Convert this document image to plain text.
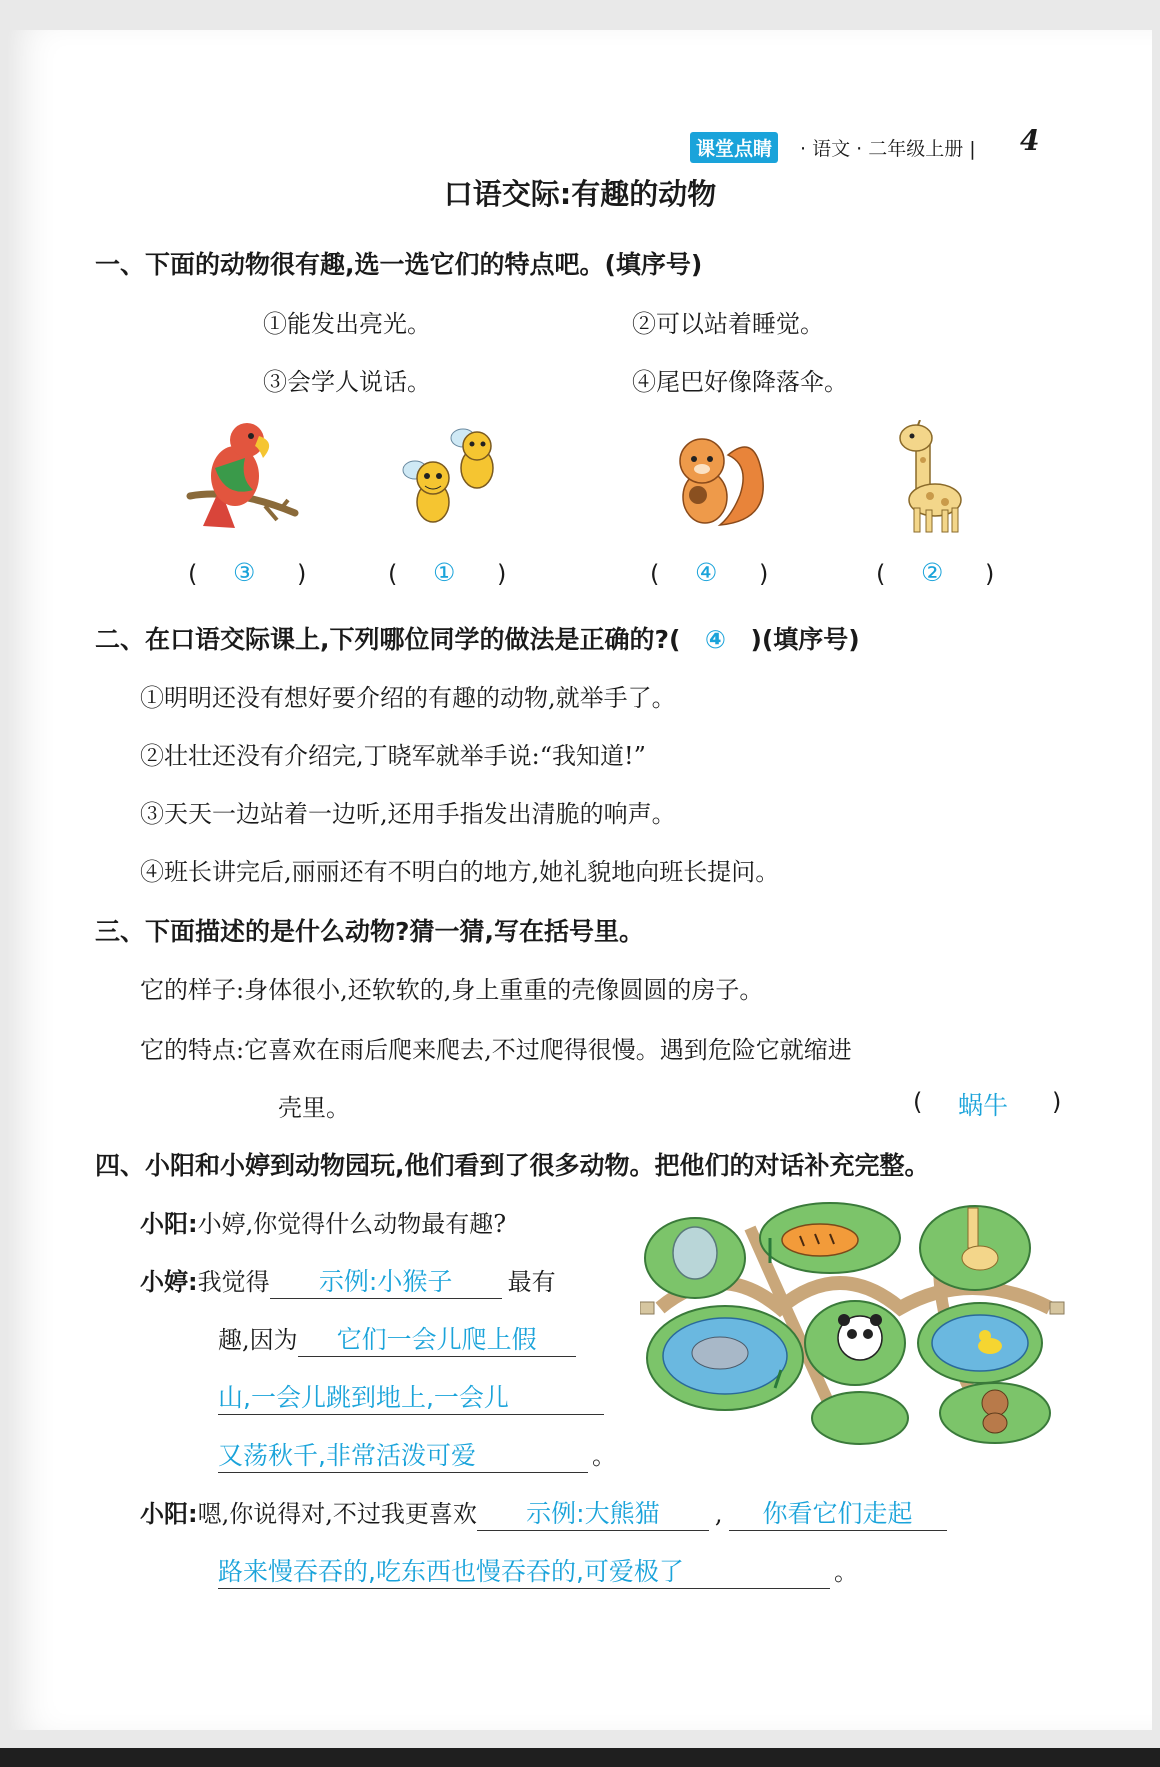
课堂点睛	· 语文 · 二年级上册 | 4
口语交际:有趣的动物
一、下面的动物很有趣,选一选它们的特点吧。(填序号)
①能发出亮光。	②可以站着睡觉。
③会学人说话。	④尾巴好像降落伞。
( ③ )	( ① )	( ④ )	( ② )
二、在口语交际课上,下列哪位同学的做法是正确的?( ④ )(填序号)
①明明还没有想好要介绍的有趣的动物,就举手了。
②壮壮还没有介绍完,丁晓军就举手说:“我知道!”
③天天一边站着一边听,还用手指发出清脆的响声。
④班长讲完后,丽丽还有不明白的地方,她礼貌地向班长提问。
三、下面描述的是什么动物?猜一猜,写在括号里。
它的样子:身体很小,还软软的,身上重重的壳像圆圆的房子。
它的特点:它喜欢在雨后爬来爬去,不过爬得很慢。遇到危险它就缩进
壳里。	( 蜗牛 )
四、小阳和小婷到动物园玩,他们看到了很多动物。把他们的对话补充完整。
小阳:小婷,你觉得什么动物最有趣?
小婷:我觉得 示例:小猴子 最有
趣,因为 它们一会儿爬上假
山,一会儿跳到地上,一会儿
又荡秋千,非常活泼可爱	。
小阳:嗯,你说得对,不过我更喜欢 示例:大熊猫 , 你看它们走起
路来慢吞吞的,吃东西也慢吞吞的,可爱极了	。
